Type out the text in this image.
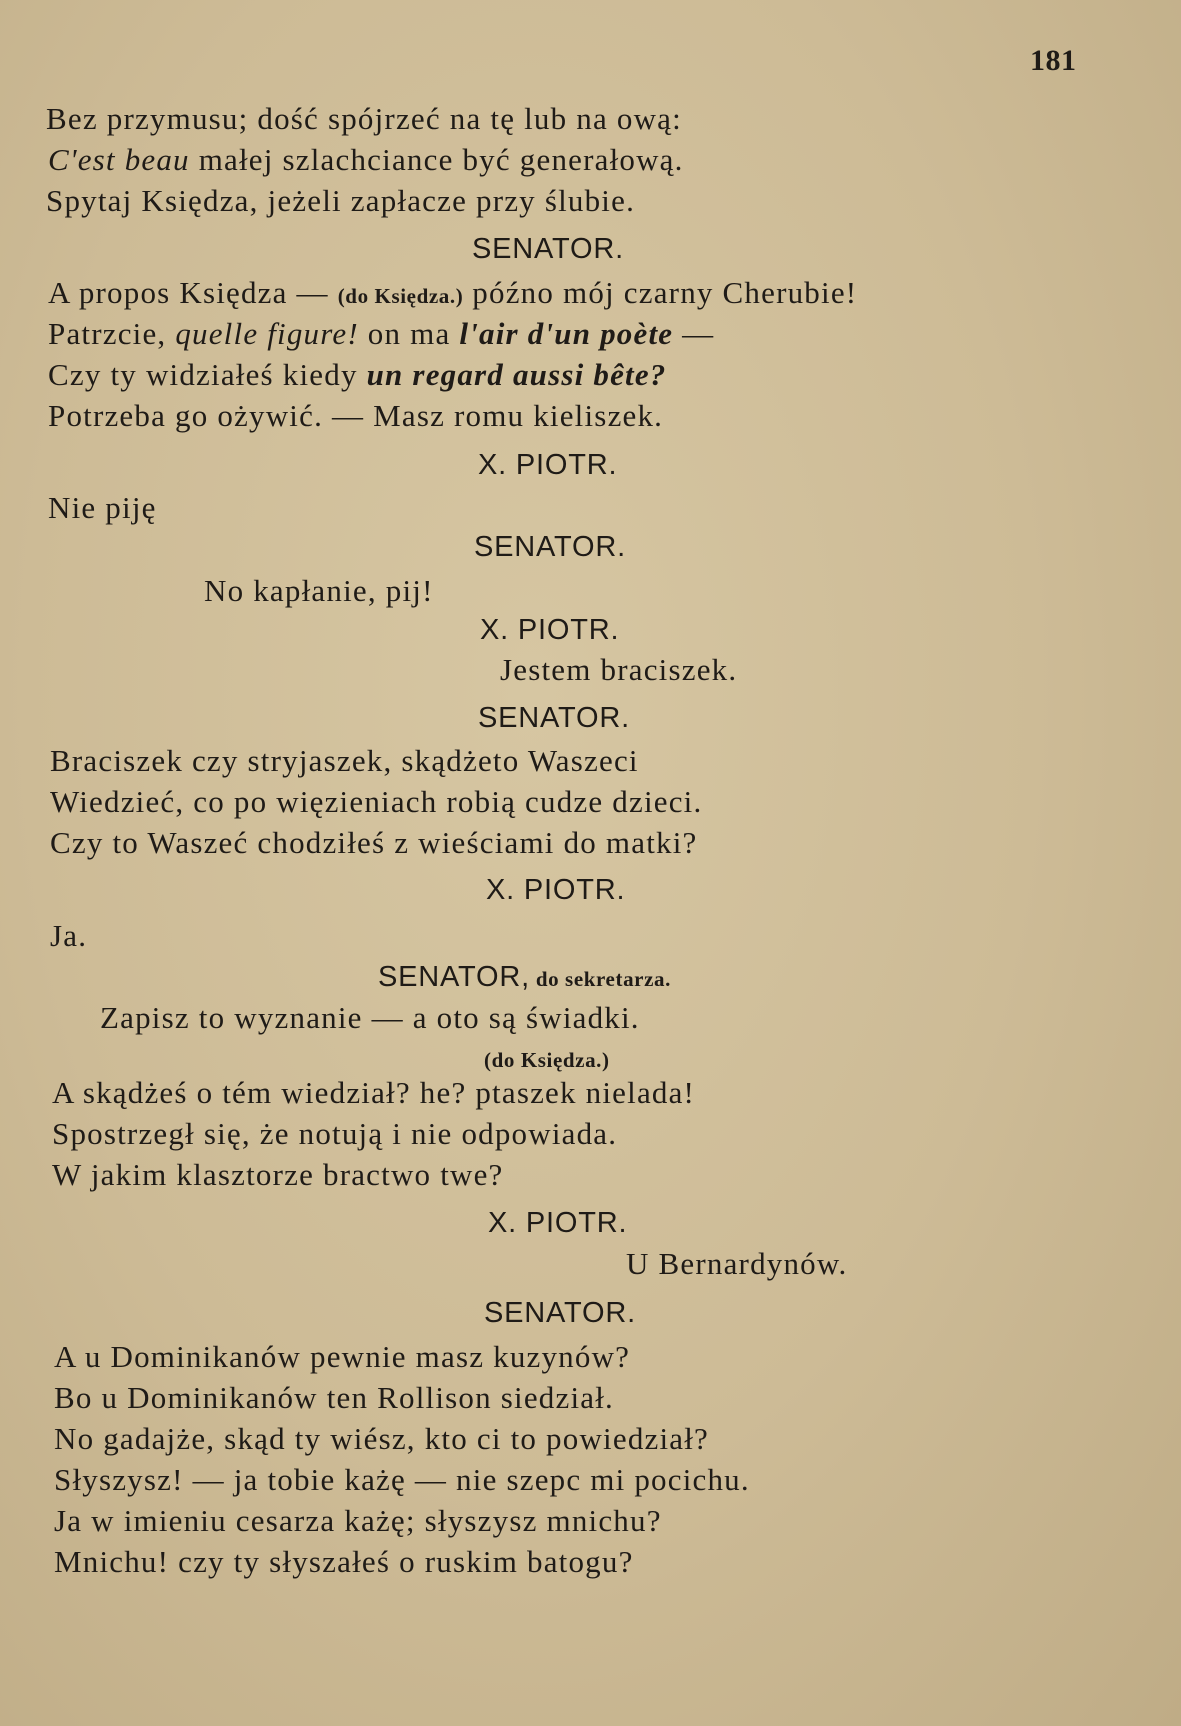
181
Bez przymusu; dość spójrzeć na tę lub na ową:
C'est beau małej szlachciance być generałową.
Spytaj Księdza, jeżeli zapłacze przy ślubie.
SENATOR.
A propos Księdza — (do Księdza.) późno mój czarny Cherubie!
Patrzcie, quelle figure! on ma l'air d'un poète —
Czy ty widziałeś kiedy un regard aussi bête?
Potrzeba go ożywić. — Masz romu kieliszek.
X. PIOTR.
Nie piję
SENATOR.
No kapłanie, pij!
X. PIOTR.
Jestem braciszek.
SENATOR.
Braciszek czy stryjaszek, skądżeto Waszeci
Wiedzieć, co po więzieniach robią cudze dzieci.
Czy to Waszeć chodziłeś z wieściami do matki?
X. PIOTR.
Ja.
SENATOR, do sekretarza.
Zapisz to wyznanie — a oto są świadki.
(do Księdza.)
A skądżeś o tém wiedział? he? ptaszek nielada!
Spostrzegł się, że notują i nie odpowiada.
W jakim klasztorze bractwo twe?
X. PIOTR.
U Bernardynów.
SENATOR.
A u Dominikanów pewnie masz kuzynów?
Bo u Dominikanów ten Rollison siedział.
No gadajże, skąd ty wiész, kto ci to powiedział?
Słyszysz! — ja tobie każę — nie szepc mi pocichu.
Ja w imieniu cesarza każę; słyszysz mnichu?
Mnichu! czy ty słyszałeś o ruskim batogu?
